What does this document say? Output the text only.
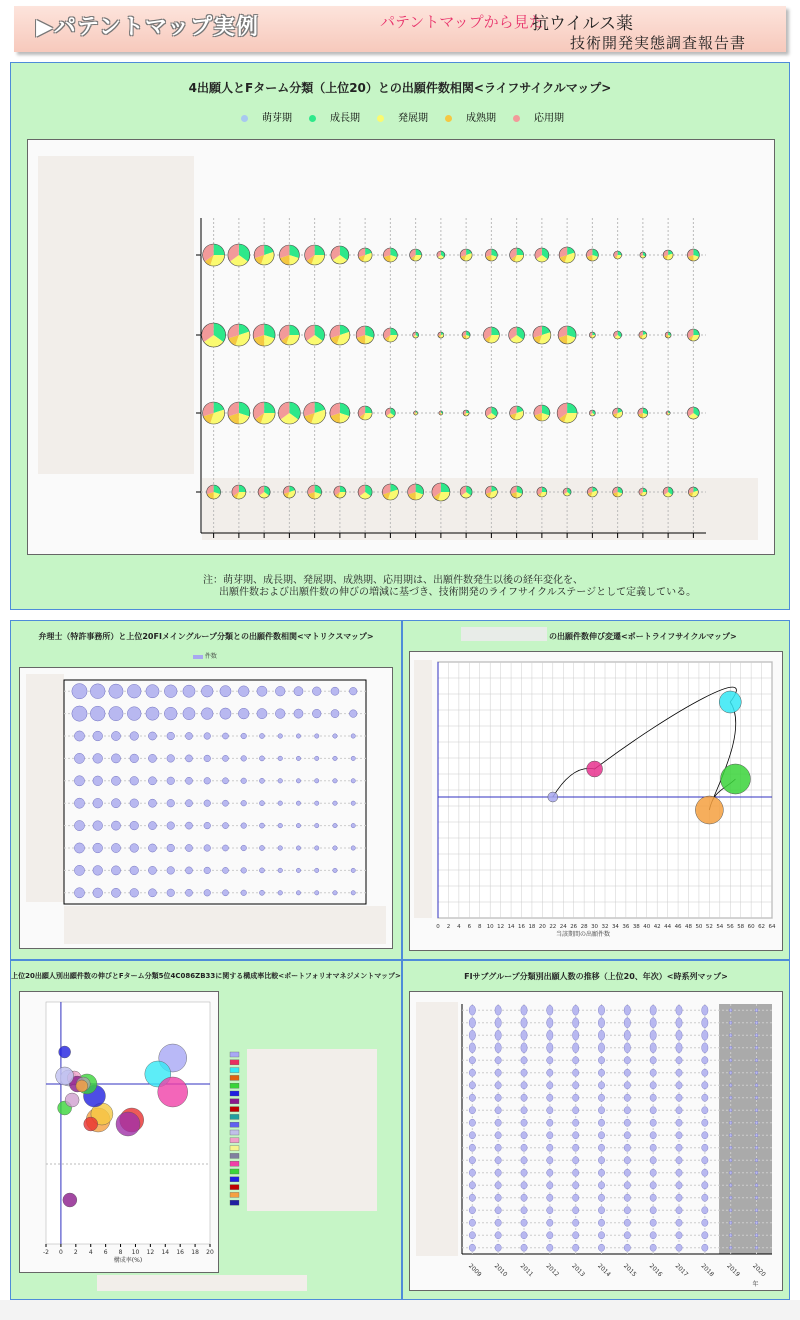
▶パテントマップ実例	パテントマップから見た
抗ウイルス薬
技術開発実態調査報告書
4出願人とFターム分類（上位20）との出願件数相関<ライフサイクルマップ>
萌芽期	成長期	発展期	成熟期	応用期
注：萌芽期、成長期、発展期、成熟期、応用期は、出願件数発生以後の経年変化を、
出願件数および出願件数の伸びの増減に基づき、技術開発のライフサイクルステージとして定義している。
弁理士（特許事務所）と上位20FIメイングループ分類との出願件数相関<マトリクスマップ>
件数
の出願件数伸び変遷<ポートライフサイクルマップ>
0 2 4 6 8 10 12 14 16 18 20 22 24 26 28 30 32 34 36 38 40 42 44 46 48 50 52 54 56 58 60 62 64
当該期間の出願件数
上位20出願人別出願件数の伸びとFターム分類5位4C086ZB33に関する構成率比較<ポートフォリオマネジメントマップ>
-2 0 2 4 6 8 10 12 14 16 18 20
構成率(%)
FIサブグループ分類別出願人数の推移（上位20、年次）<時系列マップ>
2009 2010 2011 2012 2013 2014 2015 2016 2017 2018 2019 2020
年
